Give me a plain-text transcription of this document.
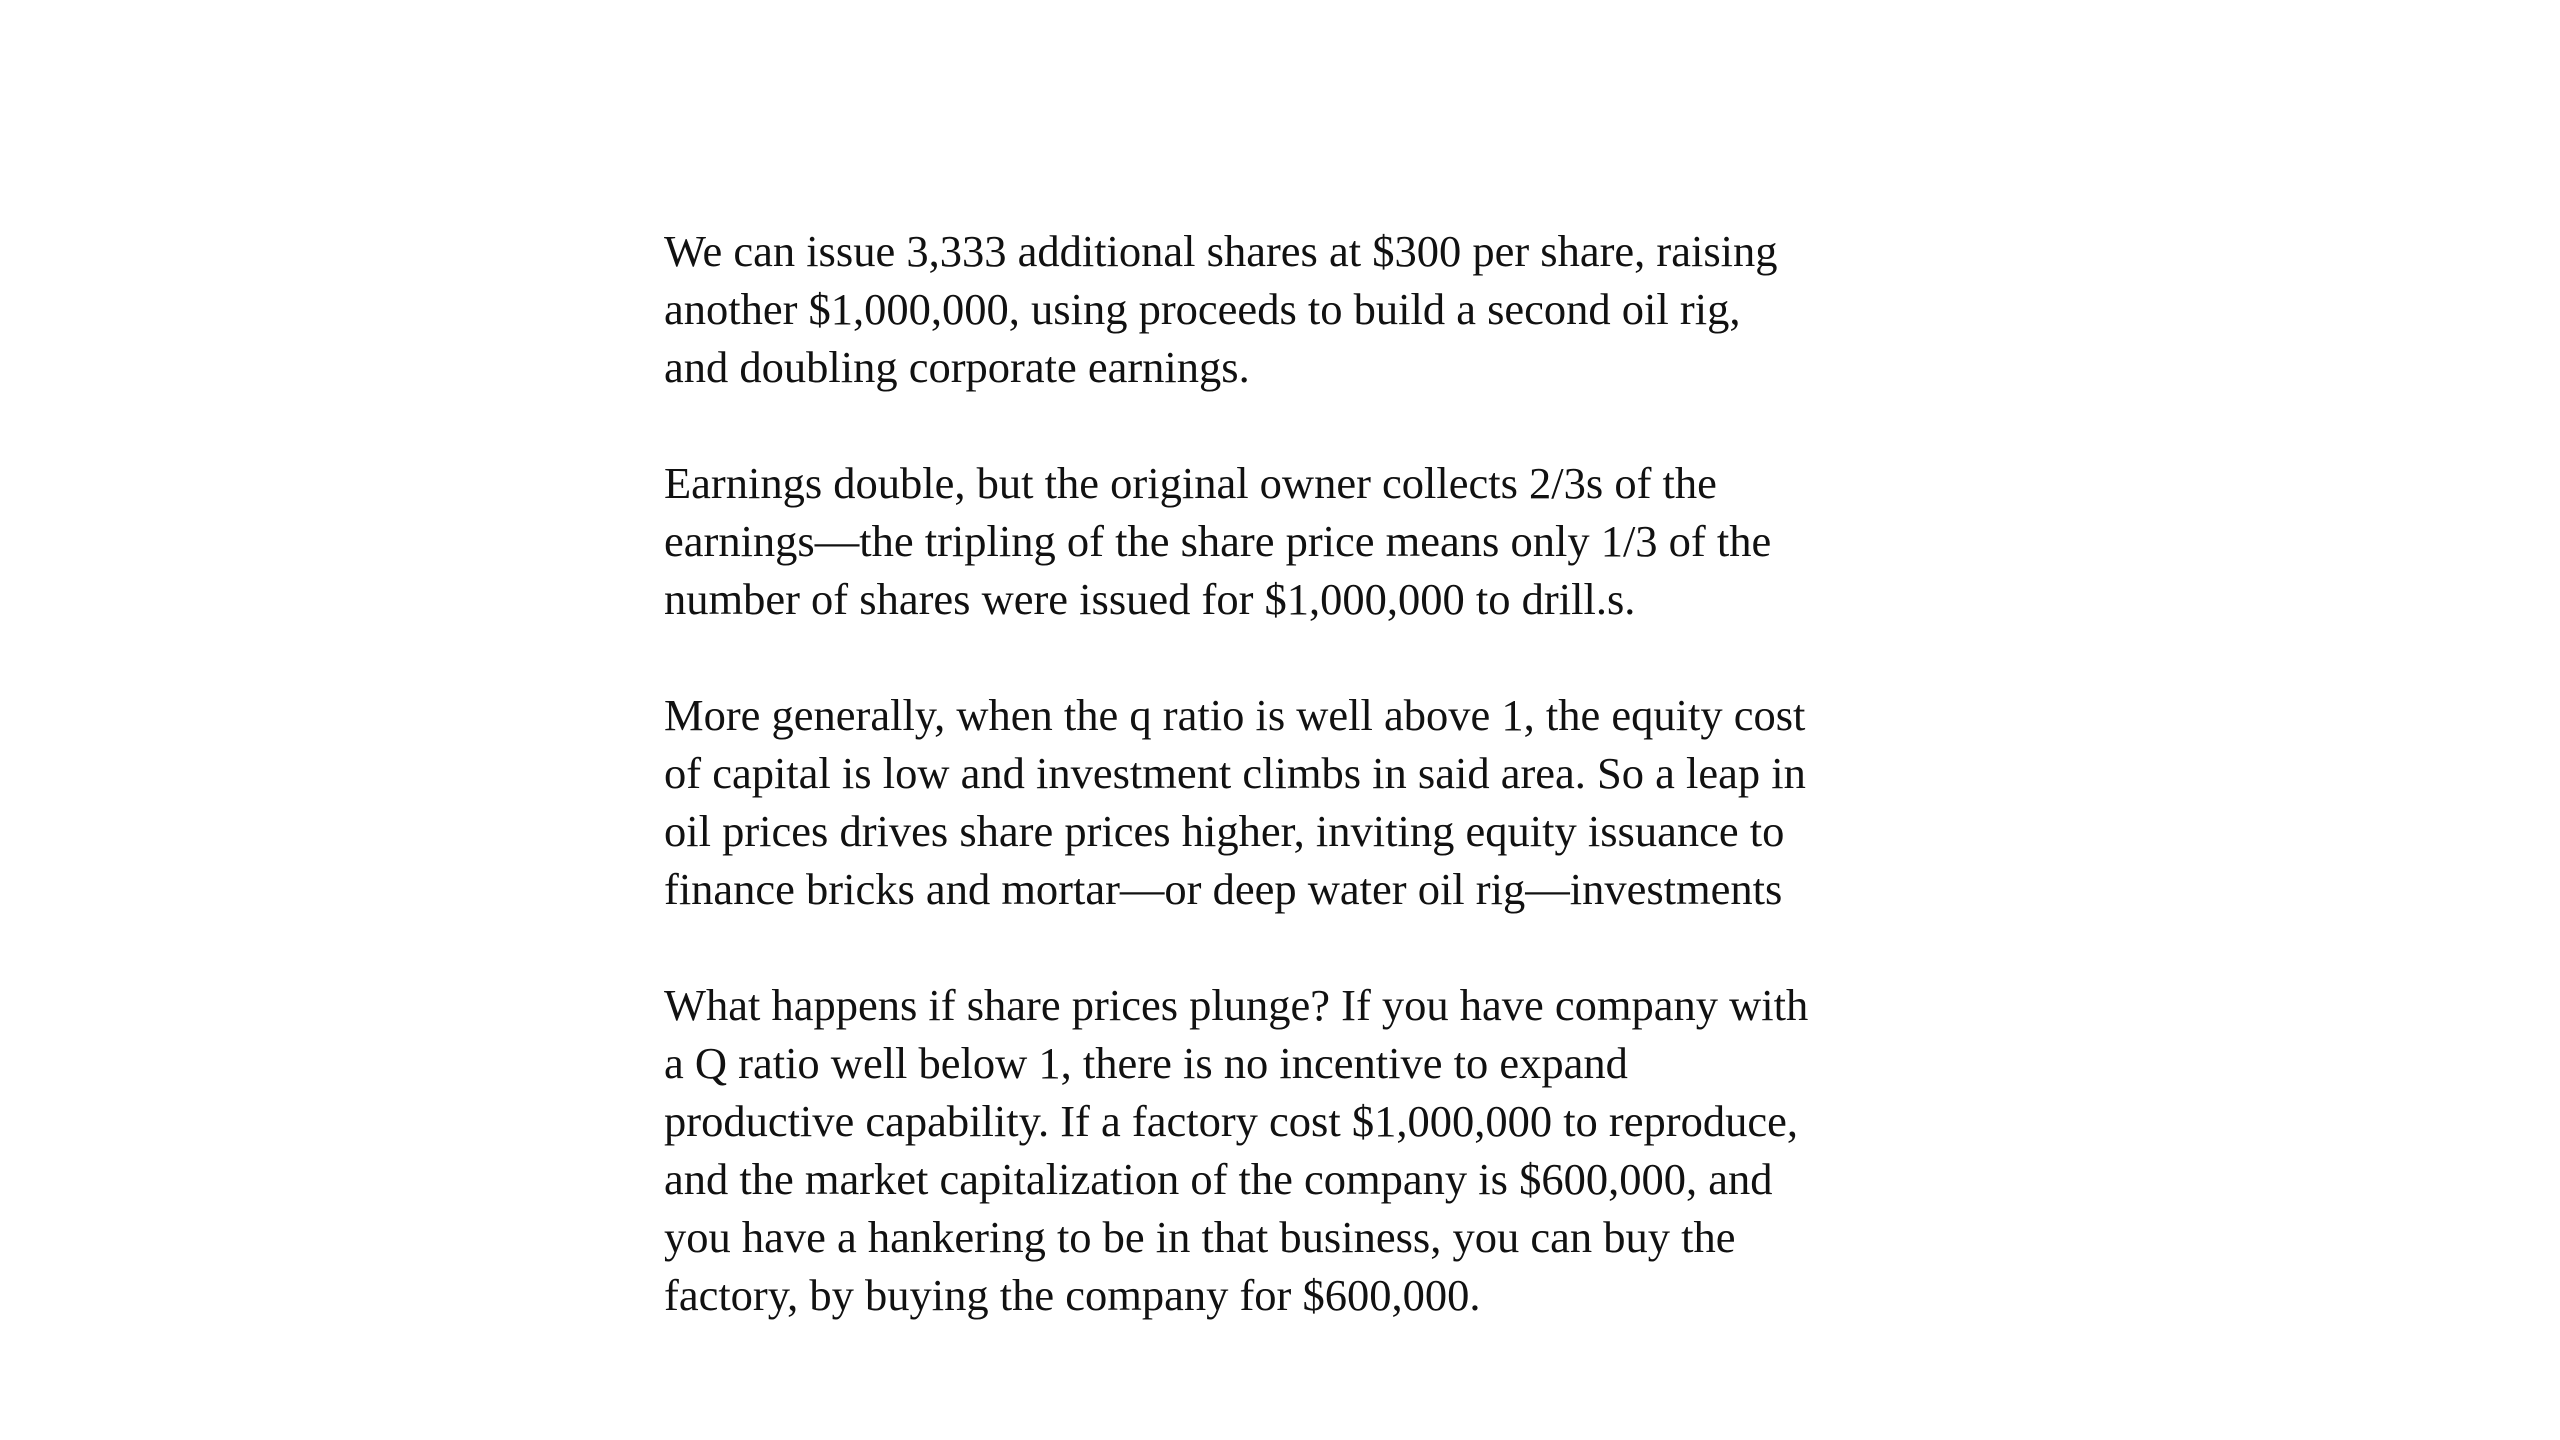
We can issue 3,333 additional shares at $300 per share, raising
another $1,000,000, using proceeds to build a second oil rig,
and doubling corporate earnings.

Earnings double, but the original owner collects 2/3s of the
earnings—the tripling of the share price means only 1/3 of the
number of shares were issued for $1,000,000 to drill.s.

More generally, when the q ratio is well above 1, the equity cost
of capital is low and investment climbs in said area. So a leap in
oil prices drives share prices higher, inviting equity issuance to
finance bricks and mortar—or deep water oil rig—investments

What happens if share prices plunge? If you have company with
a Q ratio well below 1, there is no incentive to expand
productive capability. If a factory cost $1,000,000 to reproduce,
and the market capitalization of the company is $600,000, and
you have a hankering to be in that business, you can buy the
factory, by buying the company for $600,000.
